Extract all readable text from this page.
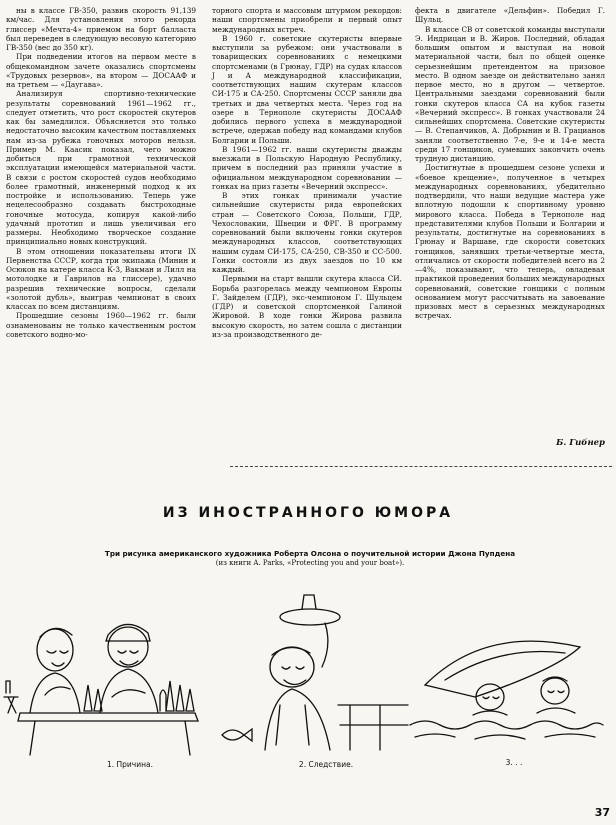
ны в классе ГВ-350, развив скорость 91,139 км/час. Для установления этого рекорда глиссер «Мечта-4» приемом на борт балласта был переведен в следующую весовую категорию ГВ-350 (вес до 350 кг).

При подведении итогов на первом месте в общекомандном зачете оказались спортсмены «Трудовых резервов», на втором — ДОСААФ и на третьем — «Даугава».

Анализируя спортивно-технические результаты соревнований 1961—1962 гг., следует отметить, что рост скоростей скутеров как бы замедлился. Объясняется это только недостаточно высоким качеством поставляемых нам из-за рубежа гоночных моторов нельзя. Пример М. Каасик показал, чего можно добиться при грамотной технической эксплуатации имеющейся материальной части. В связи с ростом скоростей судов необходимо более грамотный, инженерный подход к их постройке и использованию. Теперь уже нецелесообразно создавать быстроходные гоночные мотосуда, копируя какой-либо удачный прототип и лишь увеличивая его размеры. Необходимо творческое создание принципиально новых конструкций.

В этом отношении показательны итоги IX Первенства СССР, когда три экипажа (Минин и Осюков на катере класса К-3, Вакман и Лилл на мотолодке и Гаврилов на глиссере), удачно разрешив технические вопросы, сделали «золотой дубль», выиграв чемпионат в своих классах по всем дистанциям.

Прошедшие сезоны 1960—1962 гг. были ознаменованы не только качественным ростом советского водно-мо-

торного спорта и массовым штурмом рекордов: наши спортсмены приобрели и первый опыт международных встреч.

В 1960 г. советские скутеристы впервые выступили за рубежом: они участвовали в товарищеских соревнованиях с немецкими спортсменами (в Грюнау, ГДР) на судах классов J и А международной классификации, соответствующих нашим скутерам классов СИ-175 и СА-250. Спортсмены СССР заняли два третьих и два четвертых места. Через год на озере в Тернополе скутеристы ДОСААФ добились первого успеха в международной встрече, одержав победу над командами клубов Болгарии и Польши.

В 1961—1962 гг. наши скутеристы дважды выезжали в Польскую Народную Республику, причем в последний раз приняли участие в официальном международном соревновании — гонках на приз газеты «Вечерний экспресс».

В этих гонках принимали участие сильнейшие скутеристы ряда европейских стран — Советского Союза, Польши, ГДР, Чехословакии, Швеции и ФРГ. В программу соревнований были включены гонки скутеров международных классов, соответствующих нашим судам СИ-175, СА-250, СВ-350 и СС-500. Гонки состояли из двух заездов по 10 км каждый.

Первыми на старт вышли скутера класса СИ. Борьба разгорелась между чемпионом Европы Г. Зайделем (ГДР), экс-чемпионом Г. Шульцем (ГДР) и советской спортсменкой Галиной Жировой. В ходе гонки Жирова развила высокую скорость, но затем сошла с дистанции из-за производственного де-

фекта в двигателе «Дельфин». Победил Г. Шульц.

В классе СВ от советской команды выступали Э. Индрицан и В. Жиров. Последний, обладая большим опытом и выступая на новой материальной части, был по общей оценке серьезнейшим претендентом на призовое место. В одном заезде он действительно занял первое место, но в другом — четвертое. Центральными заездами соревнований были гонки скутеров класса СА на кубок газеты «Вечерний экспресс». В гонках участвовали 24 сильнейших спортсмена. Советские скутеристы — В. Степанчиков, А. Добрынин и В. Грацианов заняли соответственно 7-е, 9-е и 14-е места среди 17 гонщиков, сумевших закончить очень трудную дистанцию.

Достигнутые в прошедшем сезоне успехи и «боевое крещение», полученное в четырех международных соревнованиях, убедительно подтвердили, что наши ведущие мастера уже вплотную подошли к спортивному уровню мирового класса. Победа в Тернополе над представителями клубов Польши и Болгарии и результаты, достигнутые на соревнованиях в Грюнау и Варшаве, где скорости советских гонщиков, занявших третьи-четвертые места, отличались от скорости победителей всего на 2—4%, показывают, что теперь, овладевая практикой проведения больших международных соревнований, советские гонщики с полным основанием могут рассчитывать на завоевание призовых мест в серьезных международных встречах.

Б. Гибнер
ИЗ ИНОСТРАННОГО ЮМОРА
Три рисунка американского художника Роберта Олсона о поучительной истории Джона Пупдена
(из книги A. Parks, «Protecting you and your boat»).
1. Причина.	2. Следствие.	3. . .
37
